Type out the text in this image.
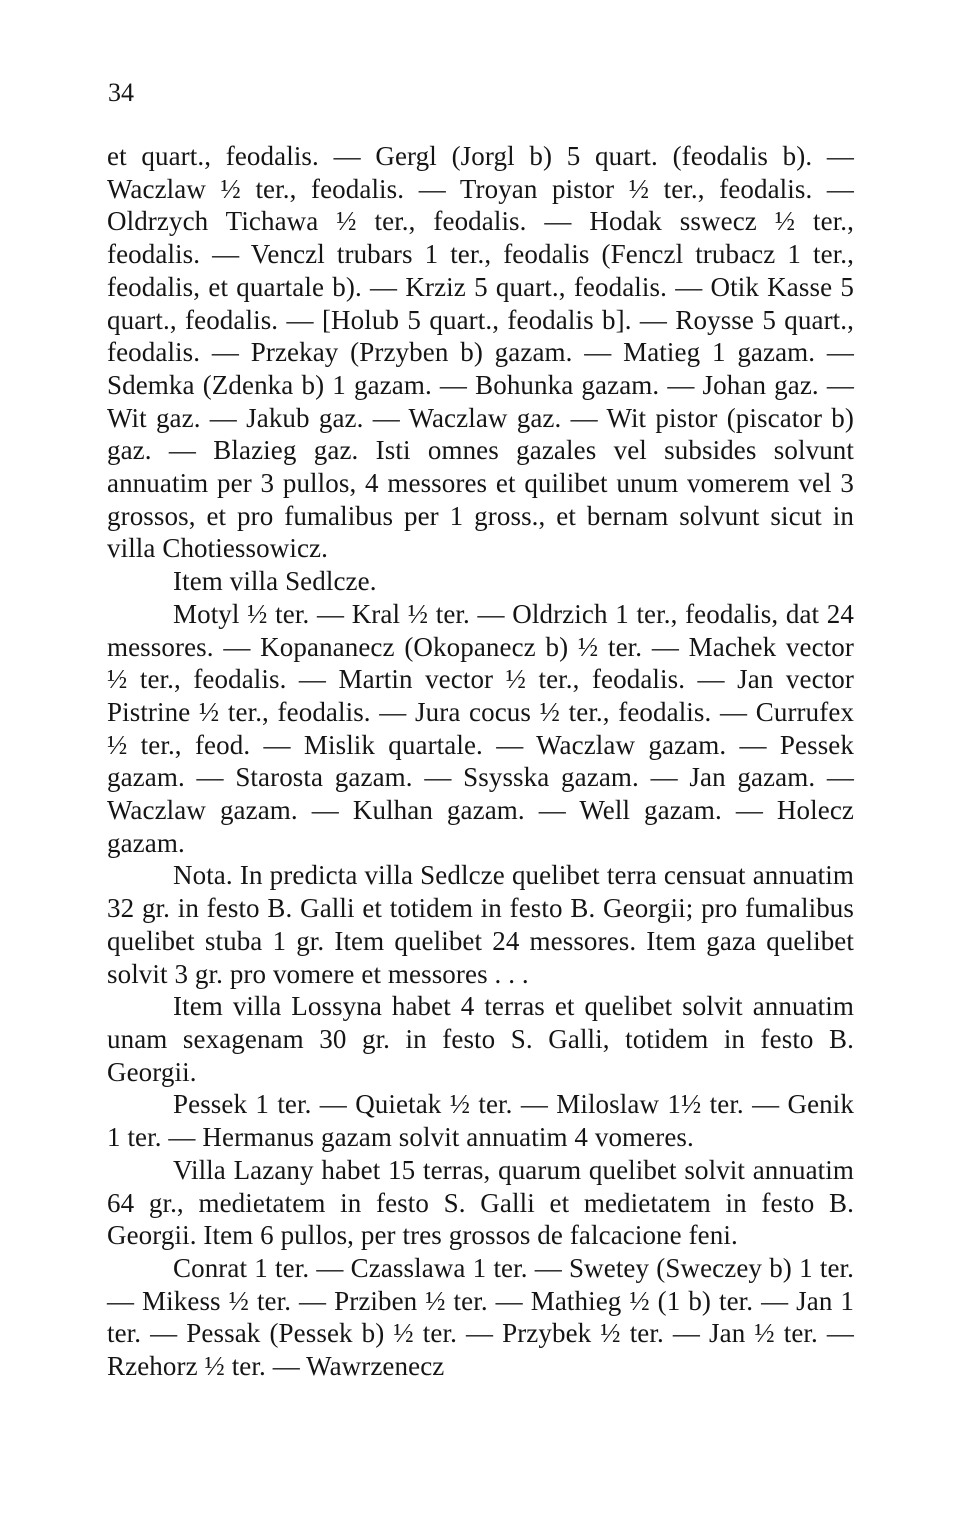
34

et quart., feodalis. — Gergl (Jorgl b) 5 quart. (feodalis b). — Waczlaw ½ ter., feodalis. — Troyan pistor ½ ter., feodalis. — Oldrzych Tichawa ½ ter., feodalis. — Hodak sswecz ½ ter., feodalis. — Venczl trubars 1 ter., feodalis (Fenczl trubacz 1 ter., feodalis, et quartale b). — Krziz 5 quart., feodalis. — Otik Kasse 5 quart., feodalis. — [Holub 5 quart., feodalis b]. — Roysse 5 quart., feodalis. — Przekay (Przyben b) gazam. — Matieg 1 gazam. — Sdemka (Zdenka b) 1 gazam. — Bohunka gazam. — Johan gaz. — Wit gaz. — Jakub gaz. — Waczlaw gaz. — Wit pistor (piscator b) gaz. — Blazieg gaz. Isti omnes gazales vel subsides solvunt annuatim per 3 pullos, 4 messores et quilibet unum vomerem vel 3 grossos, et pro fumalibus per 1 gross., et bernam solvunt sicut in villa Chotiessowicz.

Item villa Sedlcze.

Motyl ½ ter. — Kral ½ ter. — Oldrzich 1 ter., feodalis, dat 24 messores. — Kopananecz (Okopanecz b) ½ ter. — Machek vector ½ ter., feodalis. — Martin vector ½ ter., feodalis. — Jan vector Pistrine ½ ter., feodalis. — Jura cocus ½ ter., feodalis. — Currufex ½ ter., feod. — Mislik quartale. — Waczlaw gazam. — Pessek gazam. — Starosta gazam. — Ssysska gazam. — Jan gazam. — Waczlaw gazam. — Kulhan gazam. — Well gazam. — Holecz gazam.

Nota. In predicta villa Sedlcze quelibet terra censuat annuatim 32 gr. in festo B. Galli et totidem in festo B. Georgii; pro fumalibus quelibet stuba 1 gr. Item quelibet 24 messores. Item gaza quelibet solvit 3 gr. pro vomere et messores . . .

Item villa Lossyna habet 4 terras et quelibet solvit annuatim unam sexagenam 30 gr. in festo S. Galli, totidem in festo B. Georgii.

Pessek 1 ter. — Quietak ½ ter. — Miloslaw 1½ ter. — Genik 1 ter. — Hermanus gazam solvit annuatim 4 vomeres.

Villa Lazany habet 15 terras, quarum quelibet solvit annuatim 64 gr., medietatem in festo S. Galli et medietatem in festo B. Georgii. Item 6 pullos, per tres grossos de falcacione feni.

Conrat 1 ter. — Czasslawa 1 ter. — Swetey (Sweczey b) 1 ter. — Mikess ½ ter. — Prziben ½ ter. — Mathieg ½ (1 b) ter. — Jan 1 ter. — Pessak (Pessek b) ½ ter. — Przybek ½ ter. — Jan ½ ter. — Rzehorz ½ ter. — Wawrzenecz
